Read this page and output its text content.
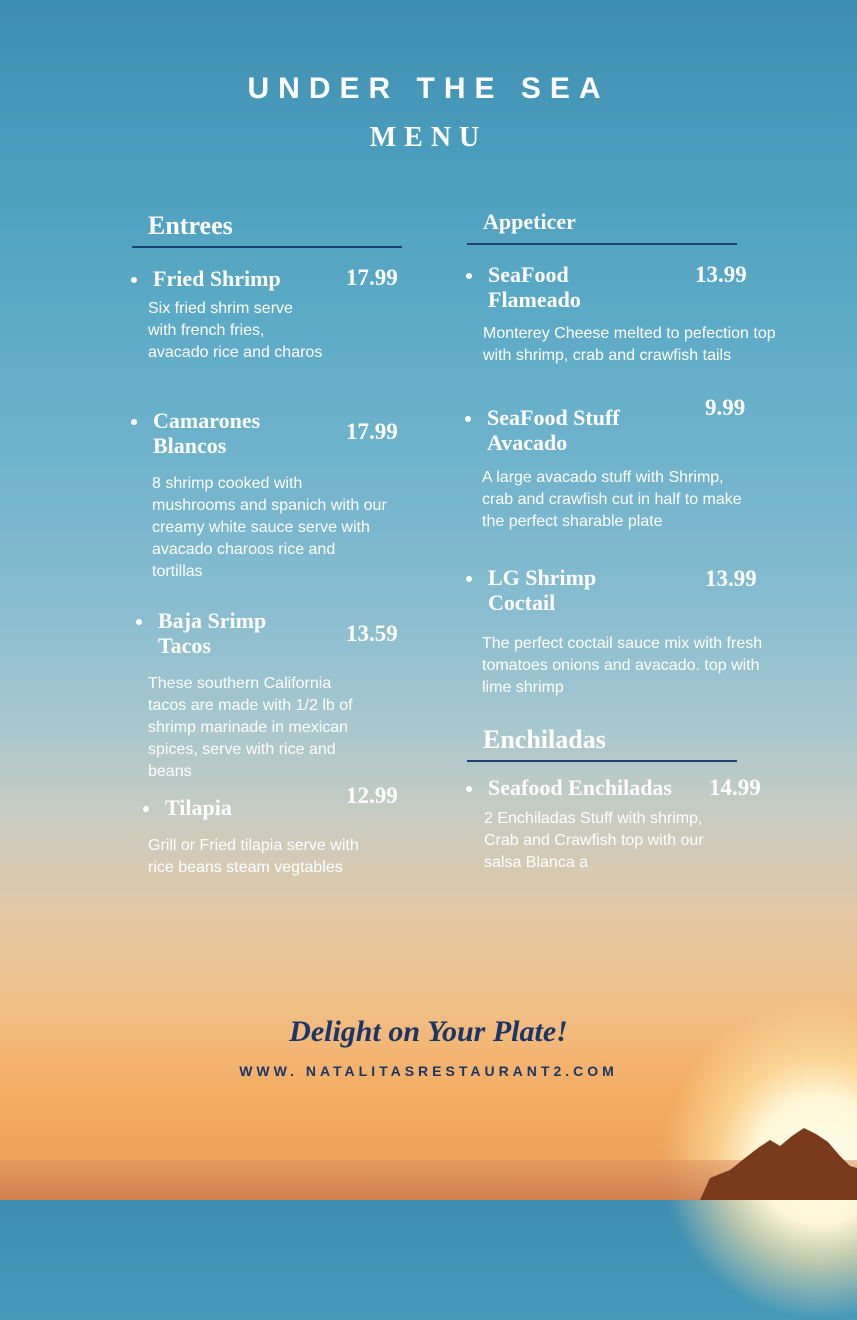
UNDER THE SEA
MENU
Entrees
Fried Shrimp	17.99
Six fried shrim serve with french fries, avacado rice and charos
Camarones Blancos
17.99
8 shrimp cooked with mushrooms and spanich with our creamy white sauce serve with avacado charoos rice and tortillas
Baja Srimp Tacos	13.59
These southern California tacos are made with 1/2 lb of shrimp marinade in mexican spices, serve with rice and beans
Tilapia	12.99
Grill or Fried tilapia serve with rice beans steam vegtables
Appeticer
SeaFood Flameado
13.99
Monterey Cheese melted to pefection top with shrimp, crab and crawfish tails
SeaFood Stuff Avacado
9.99
A large avacado stuff with Shrimp, crab and crawfish cut in half to make the perfect sharable plate
LG Shrimp Coctail
13.99
The perfect coctail sauce mix with fresh tomatoes onions and avacado. top with lime shrimp
Enchiladas
Seafood Enchiladas	14.99
2 Enchiladas Stuff with shrimp, Crab and Crawfish top with our salsa Blanca a
Delight on Your Plate!
WWW. NATALITASRESTAURANT2.COM
